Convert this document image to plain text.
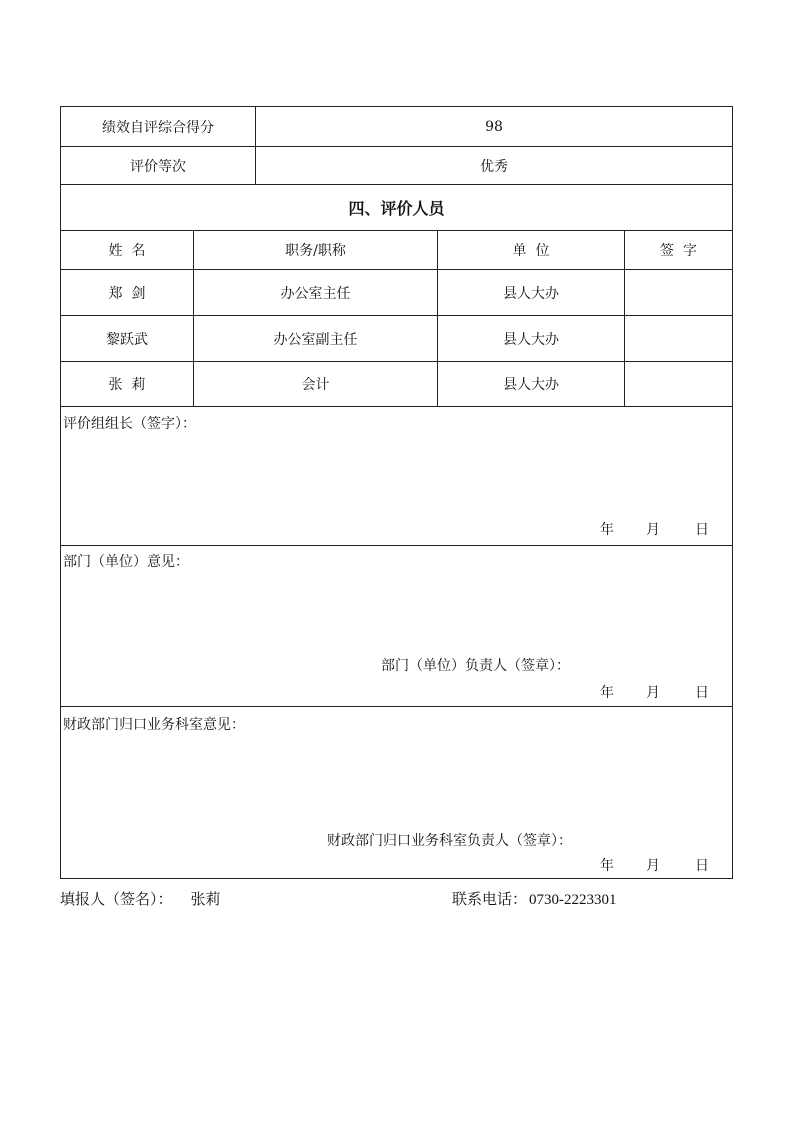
绩效自评综合得分	98
评价等次	优秀
四、评价人员
姓  名	职务/职称	单  位	签  字
郑  剑	办公室主任	县人大办
黎跃武	办公室副主任	县人大办
张  莉	会计	县人大办
评价组组长（签字）：
年 月	日
部门（单位）意见：
部门（单位）负责人（签章）：
年 月	日
财政部门归口业务科室意见：
财政部门归口业务科室负责人（签章）：
年 月	日
填报人（签名）： 张莉	联系电话： 0730-2223301
